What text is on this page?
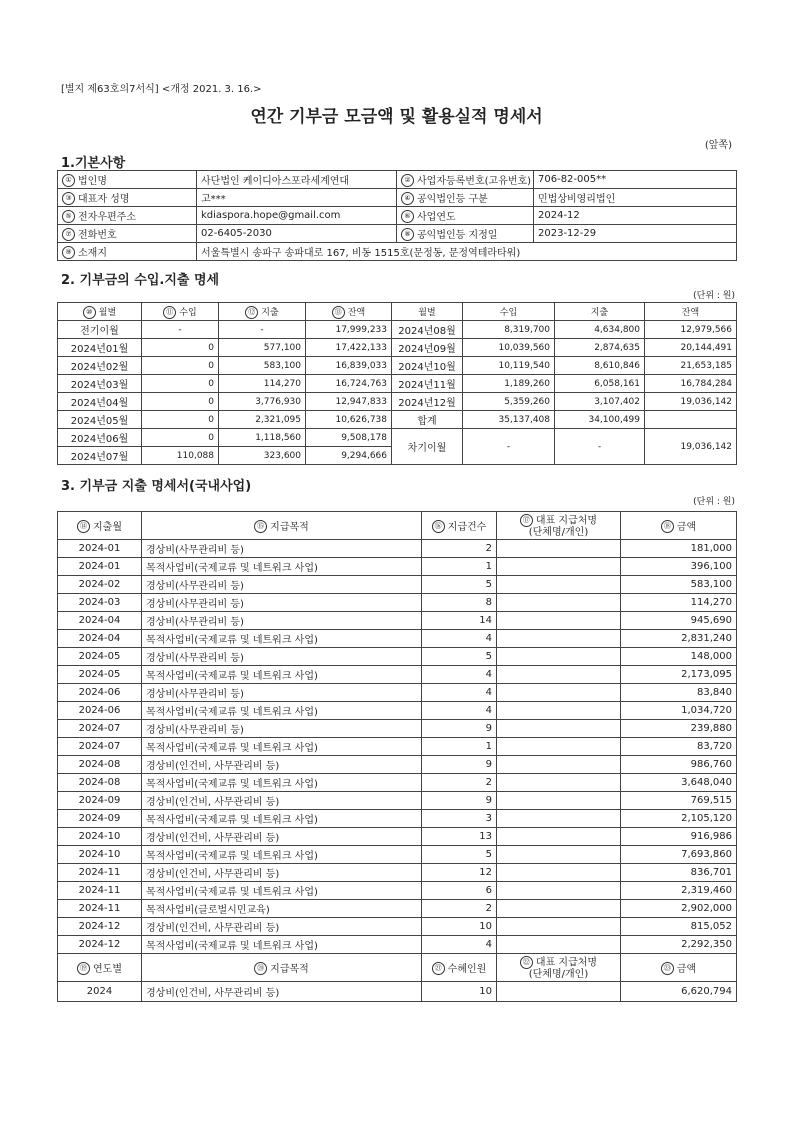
[별지 제63호의7서식] <개정 2021. 3. 16.>
연간 기부금 모금액 및 활용실적 명세서
(앞쪽)
1.기본사항
① 법인명	사단법인 케이디아스포라세계연대	② 사업자등록번호(고유번호)	706-82-005**
③ 대표자 성명	고***	④ 공익법인등 구분	민법상비영리법인
⑤ 전자우편주소	kdiaspora.hope@gmail.com	⑥ 사업연도	2024-12
⑦ 전화번호	02-6405-2030	⑧ 공익법인등 지정일	2023-12-29
⑨ 소재지	서울특별시 송파구 송파대로 167, 비동 1515호(문정동, 문정역테라타워)		
2. 기부금의 수입.지출 명세
(단위 : 원)
⑩ 월별	⑪ 수입	⑫ 지출	⑬ 잔액	월별	수입	지출	잔액
전기이월	-	-	17,999,233	2024년08월	8,319,700	4,634,800	12,979,566
2024년01월	0	577,100	17,422,133	2024년09월	10,039,560	2,874,635	20,144,491
2024년02월	0	583,100	16,839,033	2024년10월	10,119,540	8,610,846	21,653,185
2024년03월	0	114,270	16,724,763	2024년11월	1,189,260	6,058,161	16,784,284
2024년04월	0	3,776,930	12,947,833	2024년12월	5,359,260	3,107,402	19,036,142
2024년05월	0	2,321,095	10,626,738	합계	35,137,408	34,100,499	
2024년06월	0	1,118,560	9,508,178	차기이월	-	-	19,036,142
2024년07월	110,088	323,600	9,294,666				
3. 기부금 지출 명세서(국내사업)
(단위 : 원)
⑭ 지출월	⑮ 지급목적	⑯ 지급건수	⑰ 대표 지급처명
(단체명/개인)	⑱ 금액
2024-01	경상비(사무관리비 등)	2		181,000
2024-01	목적사업비(국제교류 및 네트워크 사업)	1		396,100
2024-02	경상비(사무관리비 등)	5		583,100
2024-03	경상비(사무관리비 등)	8		114,270
2024-04	경상비(사무관리비 등)	14		945,690
2024-04	목적사업비(국제교류 및 네트워크 사업)	4		2,831,240
2024-05	경상비(사무관리비 등)	5		148,000
2024-05	목적사업비(국제교류 및 네트워크 사업)	4		2,173,095
2024-06	경상비(사무관리비 등)	4		83,840
2024-06	목적사업비(국제교류 및 네트워크 사업)	4		1,034,720
2024-07	경상비(사무관리비 등)	9		239,880
2024-07	목적사업비(국제교류 및 네트워크 사업)	1		83,720
2024-08	경상비(인건비, 사무관리비 등)	9		986,760
2024-08	목적사업비(국제교류 및 네트워크 사업)	2		3,648,040
2024-09	경상비(인건비, 사무관리비 등)	9		769,515
2024-09	목적사업비(국제교류 및 네트워크 사업)	3		2,105,120
2024-10	경상비(인건비, 사무관리비 등)	13		916,986
2024-10	목적사업비(국제교류 및 네트워크 사업)	5		7,693,860
2024-11	경상비(인건비, 사무관리비 등)	12		836,701
2024-11	목적사업비(국제교류 및 네트워크 사업)	6		2,319,460
2024-11	목적사업비(글로벌시민교육)	2		2,902,000
2024-12	경상비(인건비, 사무관리비 등)	10		815,052
2024-12	목적사업비(국제교류 및 네트워크 사업)	4		2,292,350
⑲ 연도별	⑳ 지급목적	㉑ 수혜인원	㉒ 대표 지급처명
(단체명/개인)	㉓ 금액
2024	경상비(인건비, 사무관리비 등)	10		6,620,794
